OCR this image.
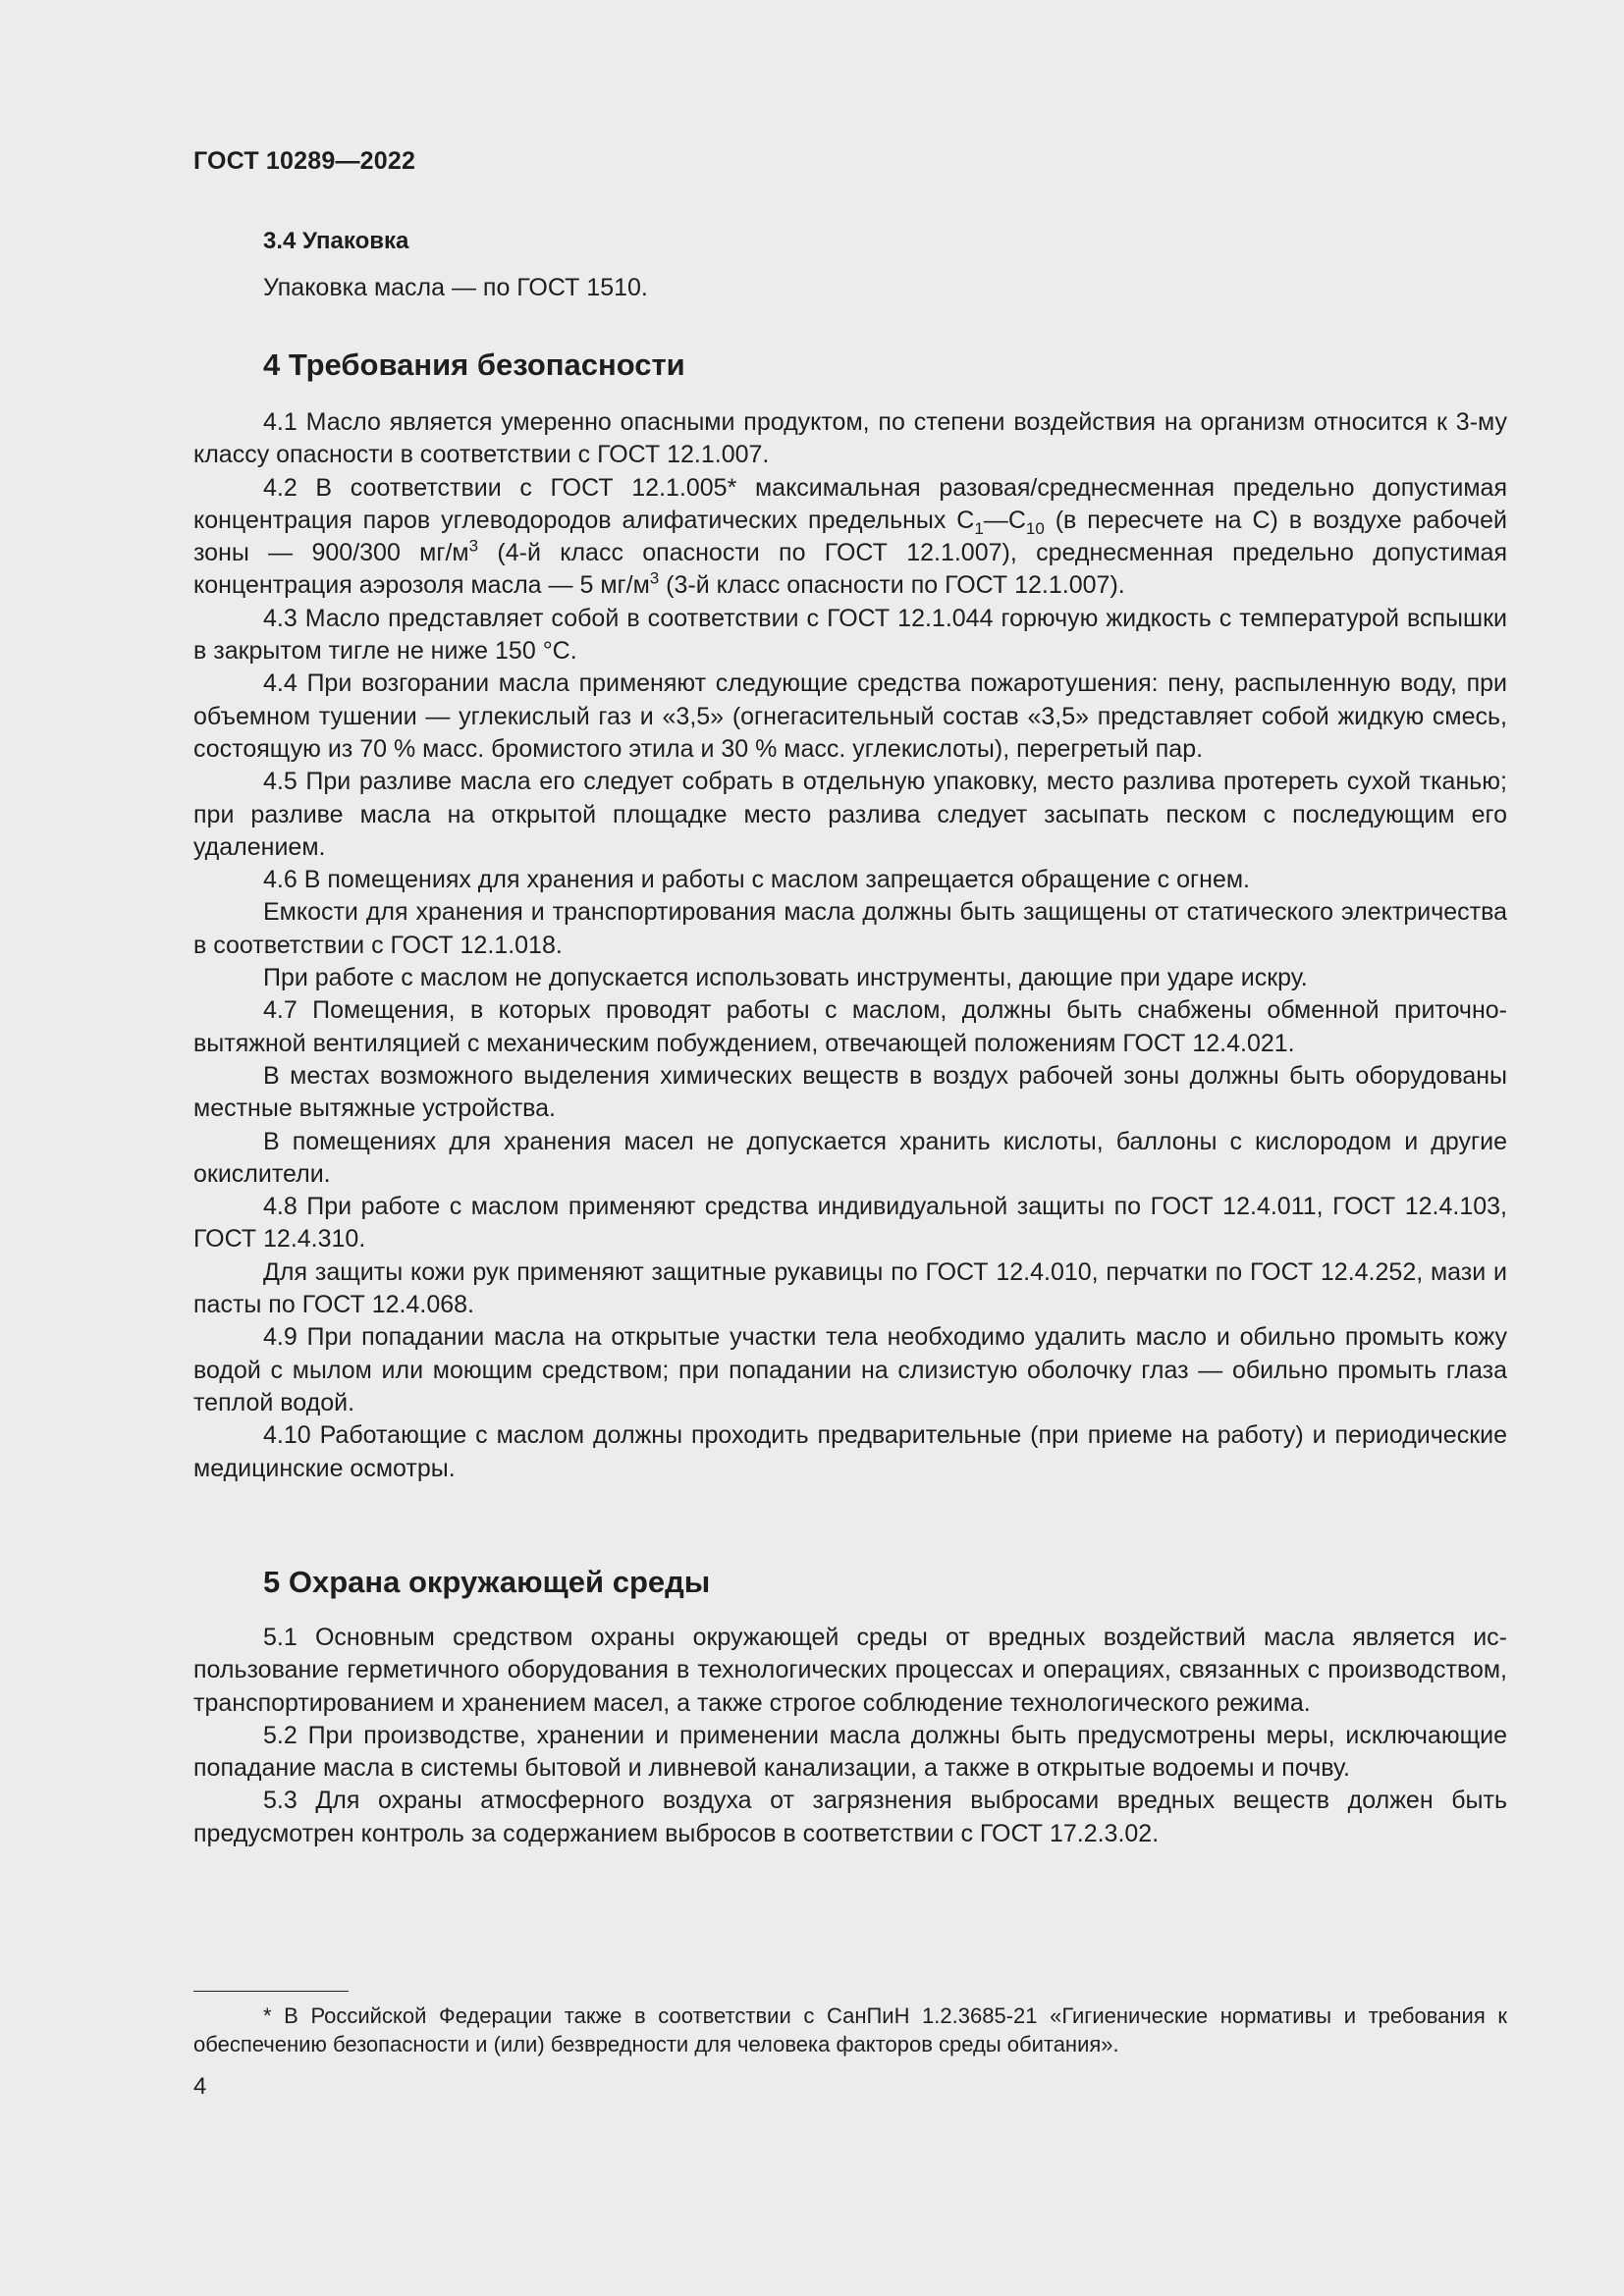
ГОСТ 10289—2022
3.4 Упаковка
Упаковка масла — по ГОСТ 1510.
4 Требования безопасности

4.1 Масло является умеренно опасными продуктом, по степени воздействия на организм относится к 3-му классу опасности в соответствии с ГОСТ 12.1.007.

4.2 В соответствии с ГОСТ 12.1.005* максимальная разовая/среднесменная предельно допустимая концентрация паров углеводородов алифатических предельных $С_1—С_{10}$ (в пересчете на С) в воздухе рабочей зоны — 900/300 $мг/м^3$ (4-й класс опасности по ГОСТ 12.1.007), среднесменная предельно допустимая концентрация аэрозоля масла — 5 $мг/м^3$ (3-й класс опасности по ГОСТ 12.1.007).

4.3 Масло представляет собой в соответствии с ГОСТ 12.1.044 горючую жидкость с температурой вспышки в закрытом тигле не ниже 150 °С.

4.4 При возгорании масла применяют следующие средства пожаротушения: пену, распыленную воду, при объемном тушении — углекислый газ и «3,5» (огнегасительный состав «3,5» представляет собой жидкую смесь, состоящую из 70 % масс. бромистого этила и 30 % масс. углекислоты), перегретый пар.

4.5 При разливе масла его следует собрать в отдельную упаковку, место разлива протереть сухой тканью; при разливе масла на открытой площадке место разлива следует засыпать песком с последующим его удалением.

4.6 В помещениях для хранения и работы с маслом запрещается обращение с огнем.

Емкости для хранения и транспортирования масла должны быть защищены от статического электричества в соответствии с ГОСТ 12.1.018.

При работе с маслом не допускается использовать инструменты, дающие при ударе искру.

4.7 Помещения, в которых проводят работы с маслом, должны быть снабжены обменной приточно-вытяжной вентиляцией с механическим побуждением, отвечающей положениям ГОСТ 12.4.021.

В местах возможного выделения химических веществ в воздух рабочей зоны должны быть оборудованы местные вытяжные устройства.

В помещениях для хранения масел не допускается хранить кислоты, баллоны с кислородом и другие окислители.

4.8 При работе с маслом применяют средства индивидуальной защиты по ГОСТ 12.4.011, ГОСТ 12.4.103, ГОСТ 12.4.310.

Для защиты кожи рук применяют защитные рукавицы по ГОСТ 12.4.010, перчатки по ГОСТ 12.4.252, мази и пасты по ГОСТ 12.4.068.

4.9 При попадании масла на открытые участки тела необходимо удалить масло и обильно промыть кожу водой с мылом или моющим средством; при попадании на слизистую оболочку глаз — обильно промыть глаза теплой водой.

4.10 Работающие с маслом должны проходить предварительные (при приеме на работу) и периодические медицинские осмотры.

5 Охрана окружающей среды

5.1 Основным средством охраны окружающей среды от вредных воздействий масла является использование герметичного оборудования в технологических процессах и операциях, связанных с производством, транспортированием и хранением масел, а также строгое соблюдение технологического режима.

5.2 При производстве, хранении и применении масла должны быть предусмотрены меры, исключающие попадание масла в системы бытовой и ливневой канализации, а также в открытые водоемы и почву.

5.3 Для охраны атмосферного воздуха от загрязнения выбросами вредных веществ должен быть предусмотрен контроль за содержанием выбросов в соответствии с ГОСТ 17.2.3.02.

* В Российской Федерации также в соответствии с СанПиН 1.2.3685-21 «Гигиенические нормативы и требования к обеспечению безопасности и (или) безвредности для человека факторов среды обитания».
4
